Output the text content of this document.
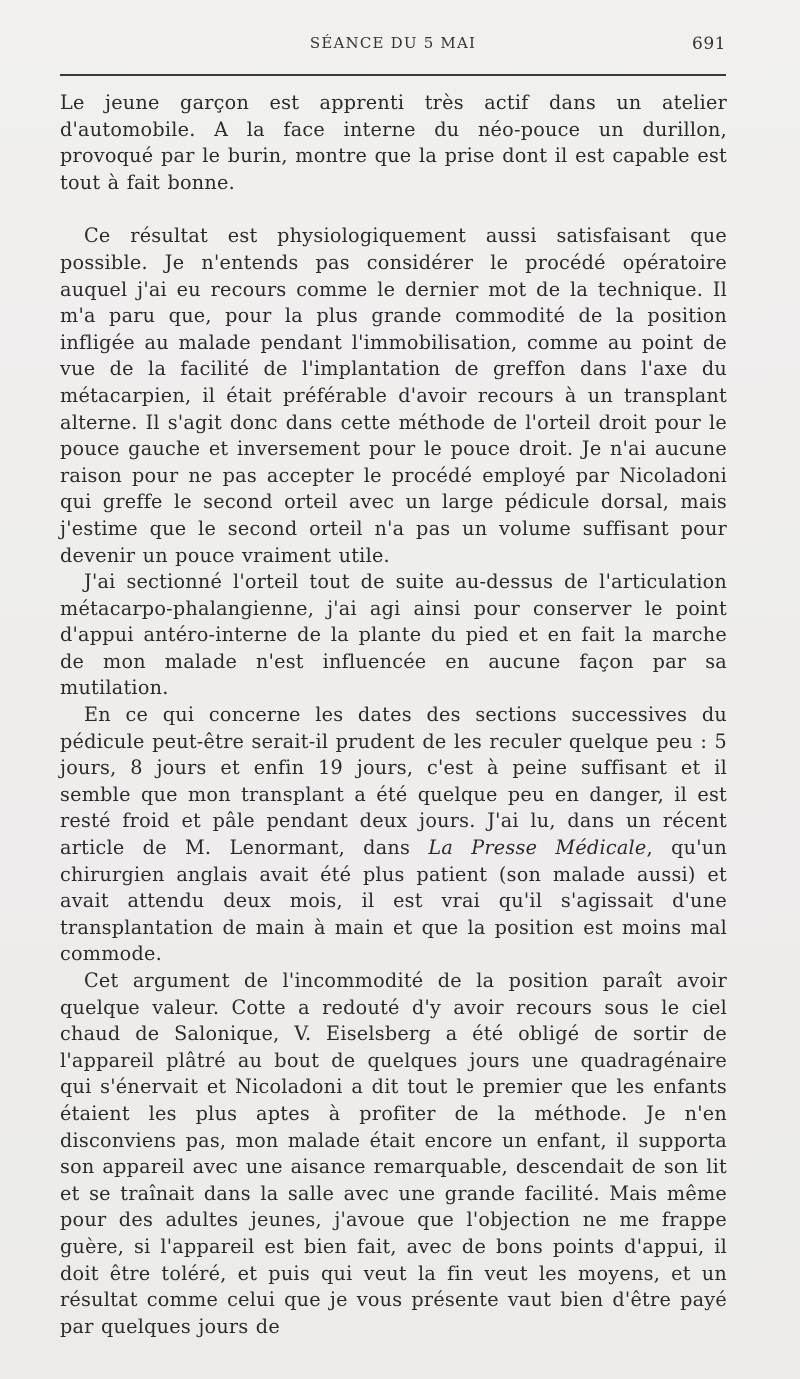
SÉANCE DU 5 MAI	691

Le jeune garçon est apprenti très actif dans un atelier d'automobile. A la face interne du néo-pouce un durillon, provoqué par le burin, montre que la prise dont il est capable est tout à fait bonne.

Ce résultat est physiologiquement aussi satisfaisant que possible. Je n'entends pas considérer le procédé opératoire auquel j'ai eu recours comme le dernier mot de la technique. Il m'a paru que, pour la plus grande commodité de la position infligée au malade pendant l'immobilisation, comme au point de vue de la facilité de l'implantation de greffon dans l'axe du métacarpien, il était préférable d'avoir recours à un transplant alterne. Il s'agit donc dans cette méthode de l'orteil droit pour le pouce gauche et inversement pour le pouce droit. Je n'ai aucune raison pour ne pas accepter le procédé employé par Nicoladoni qui greffe le second orteil avec un large pédicule dorsal, mais j'estime que le second orteil n'a pas un volume suffisant pour devenir un pouce vraiment utile.

J'ai sectionné l'orteil tout de suite au-dessus de l'articulation métacarpo-phalangienne, j'ai agi ainsi pour conserver le point d'appui antéro-interne de la plante du pied et en fait la marche de mon malade n'est influencée en aucune façon par sa mutilation.

En ce qui concerne les dates des sections successives du pédicule peut-être serait-il prudent de les reculer quelque peu : 5 jours, 8 jours et enfin 19 jours, c'est à peine suffisant et il semble que mon transplant a été quelque peu en danger, il est resté froid et pâle pendant deux jours. J'ai lu, dans un récent article de M. Lenormant, dans La Presse Médicale, qu'un chirurgien anglais avait été plus patient (son malade aussi) et avait attendu deux mois, il est vrai qu'il s'agissait d'une transplantation de main à main et que la position est moins mal commode.

Cet argument de l'incommodité de la position paraît avoir quelque valeur. Cotte a redouté d'y avoir recours sous le ciel chaud de Salonique, V. Eiselsberg a été obligé de sortir de l'appareil plâtré au bout de quelques jours une quadragénaire qui s'énervait et Nicoladoni a dit tout le premier que les enfants étaient les plus aptes à profiter de la méthode. Je n'en disconviens pas, mon malade était encore un enfant, il supporta son appareil avec une aisance remarquable, descendait de son lit et se traînait dans la salle avec une grande facilité. Mais même pour des adultes jeunes, j'avoue que l'objection ne me frappe guère, si l'appareil est bien fait, avec de bons points d'appui, il doit être toléré, et puis qui veut la fin veut les moyens, et un résultat comme celui que je vous présente vaut bien d'être payé par quelques jours de
